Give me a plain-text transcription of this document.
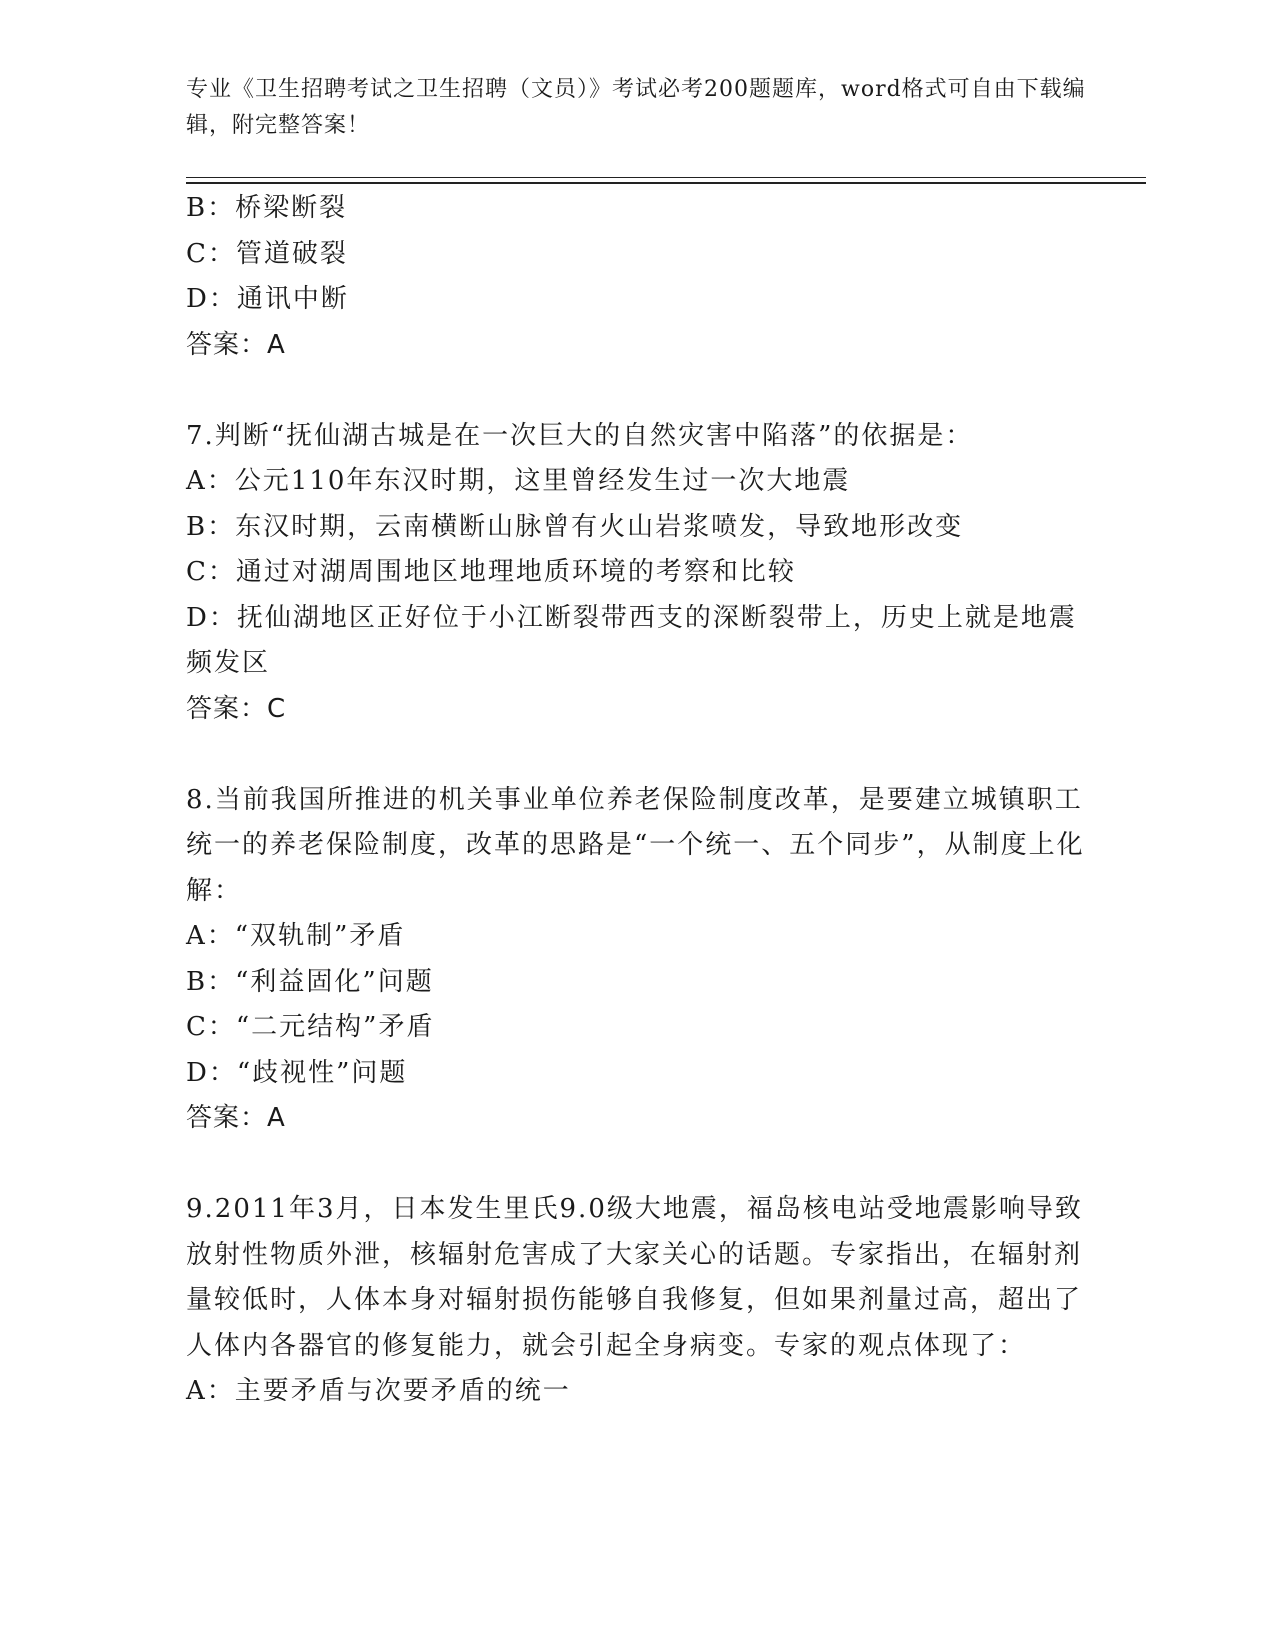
专业《卫生招聘考试之卫生招聘（文员）》考试必考200题题库，word格式可自由下载编辑，附完整答案！

B：桥梁断裂

C：管道破裂

D：通讯中断

答案：A

7.判断“抚仙湖古城是在一次巨大的自然灾害中陷落”的依据是：

A：公元110年东汉时期，这里曾经发生过一次大地震

B：东汉时期，云南横断山脉曾有火山岩浆喷发，导致地形改变

C：通过对湖周围地区地理地质环境的考察和比较

D：抚仙湖地区正好位于小江断裂带西支的深断裂带上，历史上就是地震频发区

答案：C

8.当前我国所推进的机关事业单位养老保险制度改革，是要建立城镇职工统一的养老保险制度，改革的思路是“一个统一、五个同步”，从制度上化解：

A：“双轨制”矛盾

B：“利益固化”问题

C：“二元结构”矛盾

D：“歧视性”问题

答案：A

9.2011年3月，日本发生里氏9.0级大地震，福岛核电站受地震影响导致放射性物质外泄，核辐射危害成了大家关心的话题。专家指出，在辐射剂量较低时，人体本身对辐射损伤能够自我修复，但如果剂量过高，超出了人体内各器官的修复能力，就会引起全身病变。专家的观点体现了：

A：主要矛盾与次要矛盾的统一
